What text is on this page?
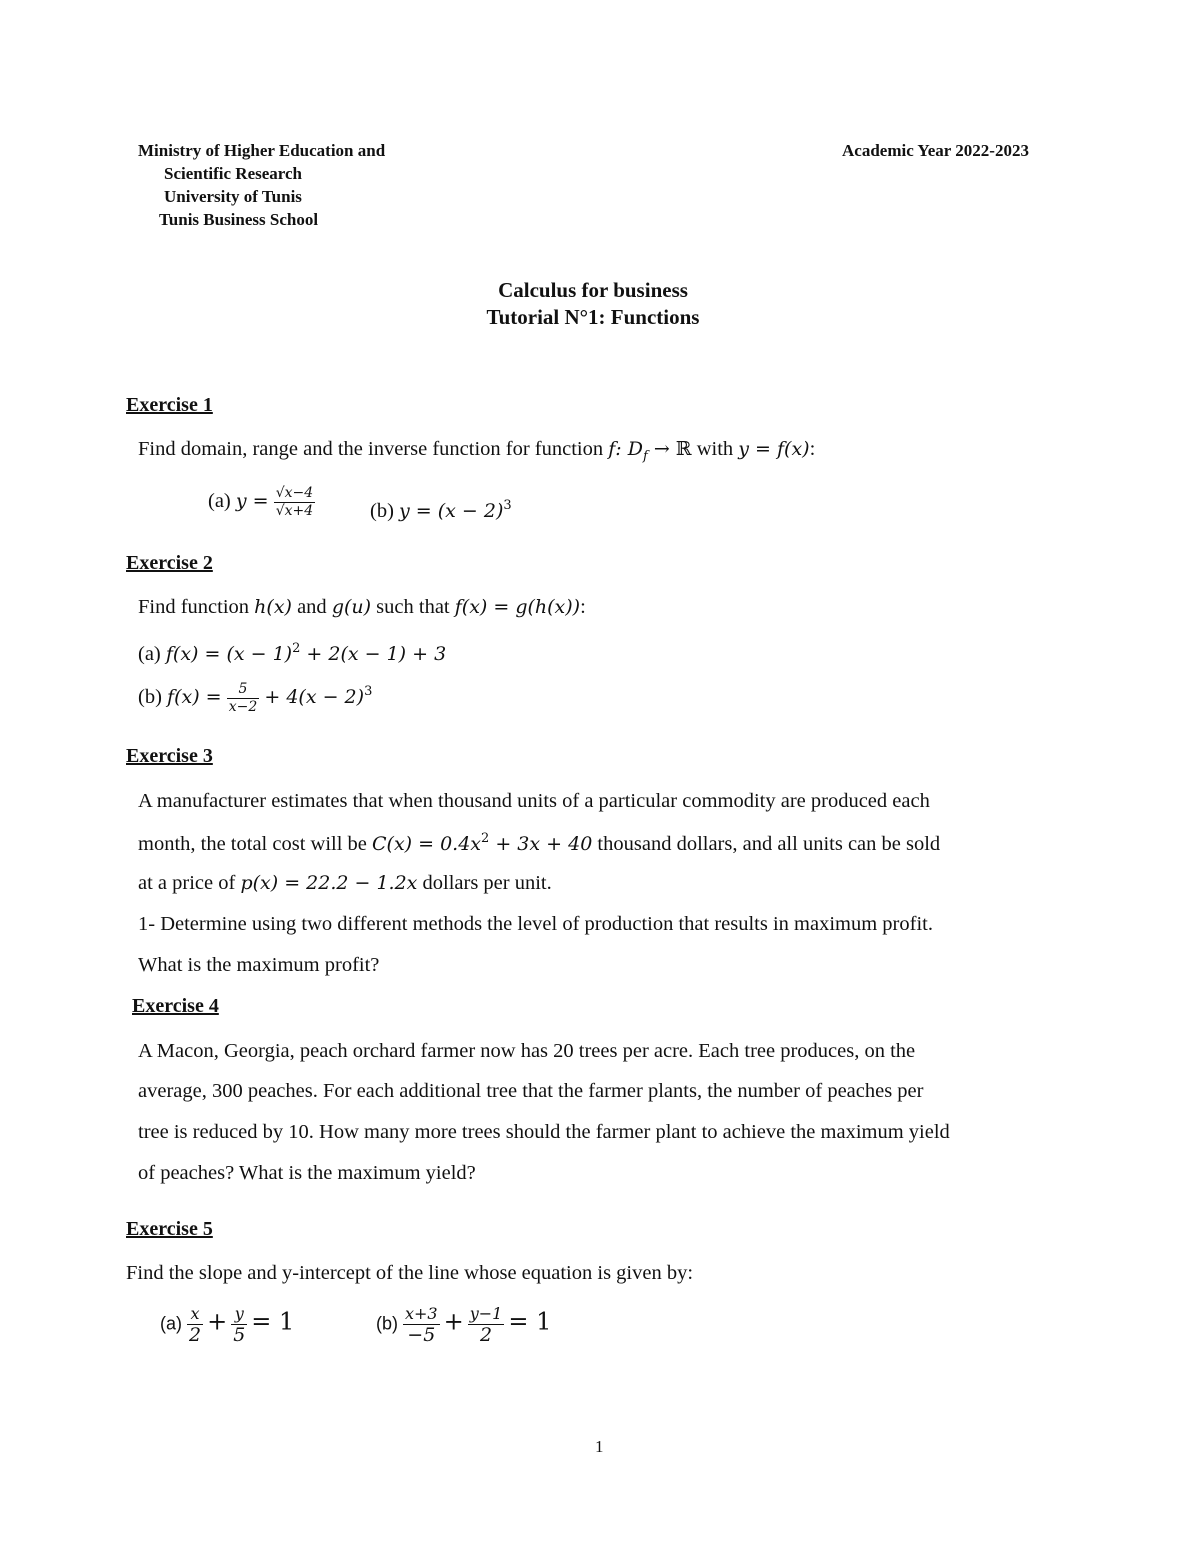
Ministry of Higher Education and
Scientific Research
University of Tunis
Tunis Business School
Academic Year 2022-2023
Calculus for business
Tutorial N°1: Functions
Exercise 1
Find domain, range and the inverse function for function f: $D_f$ → ℝ with y = f(x):
(a) $y = \frac{√x-4}{√x+4}$	(b) $y = (x - 2)^3$
Exercise 2
Find function h(x) and g(u) such that f(x) = g(h(x)):
(a) $f(x) = (x - 1)^2 + 2(x - 1) + 3$
(b) $f(x) = \frac{5}{x-2} + 4(x - 2)^3$
Exercise 3
A manufacturer estimates that when thousand units of a particular commodity are produced each
month, the total cost will be $C(x) = 0.4x^2 + 3x + 40$ thousand dollars, and all units can be sold
at a price of p(x) = 22.2 − 1.2x dollars per unit.
1- Determine using two different methods the level of production that results in maximum profit.
What is the maximum profit?
Exercise 4
A Macon, Georgia, peach orchard farmer now has 20 trees per acre. Each tree produces, on the
average, 300 peaches. For each additional tree that the farmer plants, the number of peaches per
tree is reduced by 10. How many more trees should the farmer plant to achieve the maximum yield
of peaches? What is the maximum yield?
Exercise 5
Find the slope and y-intercept of the line whose equation is given by:
$(a) \frac{x}{2} + \frac{y}{5} = 1$	$(b) \frac{x+3}{-5} + \frac{y-1}{2} = 1$
1
